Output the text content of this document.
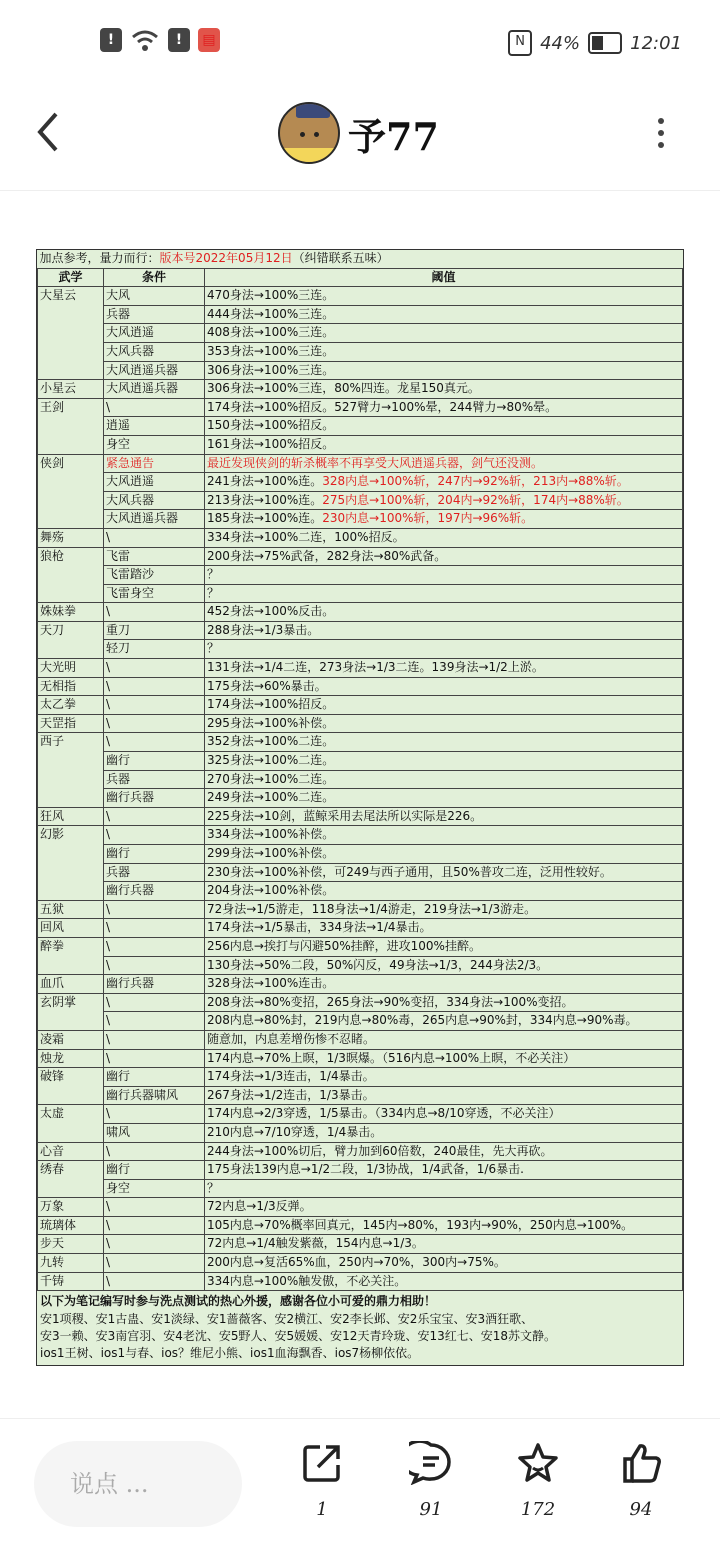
!	!	▤	N 44%	12:01
予77
加点参考，量力而行：版本号2022年05月12日（纠错联系五味）		
武学	条件	阈值
大星云	大风	470身法→100%三连。
	兵器	444身法→100%三连。
	大风逍遥	408身法→100%三连。
	大风兵器	353身法→100%三连。
	大风逍遥兵器	306身法→100%三连。
小星云	大风逍遥兵器	306身法→100%三连，80%四连。龙星150真元。
王剑	\	174身法→100%招反。527臂力→100%晕，244臂力→80%晕。
	逍遥	150身法→100%招反。
	身空	161身法→100%招反。
侠剑	紧急通告	最近发现侠剑的斩杀概率不再享受大风逍遥兵器，剑气还没测。
	大风逍遥	241身法→100%连。328内息→100%斩，247内→92%斩，213内→88%斩。
	大风兵器	213身法→100%连。275内息→100%斩，204内→92%斩，174内→88%斩。
	大风逍遥兵器	185身法→100%连。230内息→100%斩，197内→96%斩。
舞殇	\	334身法→100%二连，100%招反。
狼枪	飞雷	200身法→75%武备，282身法→80%武备。
	飞雷踏沙	？
	飞雷身空	？
姝妹拳	\	452身法→100%反击。
天刀	重刀	288身法→1/3暴击。
	轻刀	？
大光明	\	131身法→1/4二连，273身法→1/3二连。139身法→1/2上淤。
无相指	\	175身法→60%暴击。
太乙拳	\	174身法→100%招反。
天罡指	\	295身法→100%补偿。
西子	\	352身法→100%二连。
	幽行	325身法→100%二连。
	兵器	270身法→100%二连。
	幽行兵器	249身法→100%二连。
狂风	\	225身法→10剑，蓝鲸采用去尾法所以实际是226。
幻影	\	334身法→100%补偿。
	幽行	299身法→100%补偿。
	兵器	230身法→100%补偿，可249与西子通用，且50%普攻二连，泛用性较好。
	幽行兵器	204身法→100%补偿。
五狱	\	72身法→1/5游走，118身法→1/4游走，219身法→1/3游走。
回风	\	174身法→1/5暴击，334身法→1/4暴击。
醉拳	\	256内息→挨打与闪避50%挂醉，进攻100%挂醉。
	\	130身法→50%二段，50%闪反，49身法→1/3，244身法2/3。
血爪	幽行兵器	328身法→100%连击。
玄阴掌	\	208身法→80%变招，265身法→90%变招，334身法→100%变招。
	\	208内息→80%封，219内息→80%毒，265内息→90%封，334内息→90%毒。
凌霜	\	随意加，内息差增伤惨不忍睹。
烛龙	\	174内息→70%上暝，1/3暝爆。（516内息→100%上暝，不必关注）
破锋	幽行	174身法→1/3连击，1/4暴击。
	幽行兵器啸风	267身法→1/2连击，1/3暴击。
太虚	\	174内息→2/3穿透，1/5暴击。（334内息→8/10穿透，不必关注）
	啸风	210内息→7/10穿透，1/4暴击。
心音	\	244身法→100%切后，臂力加到60倍数，240最佳，先大再砍。
绣春	幽行	175身法139内息→1/2二段，1/3协战，1/4武备，1/6暴击.
	身空	？
万象	\	72内息→1/3反弹。
琉璃体	\	105内息→70%概率回真元，145内→80%，193内→90%，250内息→100%。
步天	\	72内息→1/4触发紫薇，154内息→1/3。
九转	\	200内息→复活65%血，250内→70%，300内→75%。
千铸	\	334内息→100%触发傲，不必关注。
以下为笔记编写时参与洗点测试的热心外援，感谢各位小可爱的鼎力相助！
安1项稷、安1古蛊、安1淡绿、安1蔷薇客、安2横江、安2李长邺、安2乐宝宝、安3酒狂歌、
安3一赖、安3南宫羽、安4老沈、安5野人、安5媛媛、安12天青玲珑、安13红七、安18苏文静。
ios1王树、ios1与春、ios？维尼小熊、ios1血海飘香、ios7杨柳依依。
说点 ...
1	91	172	94
